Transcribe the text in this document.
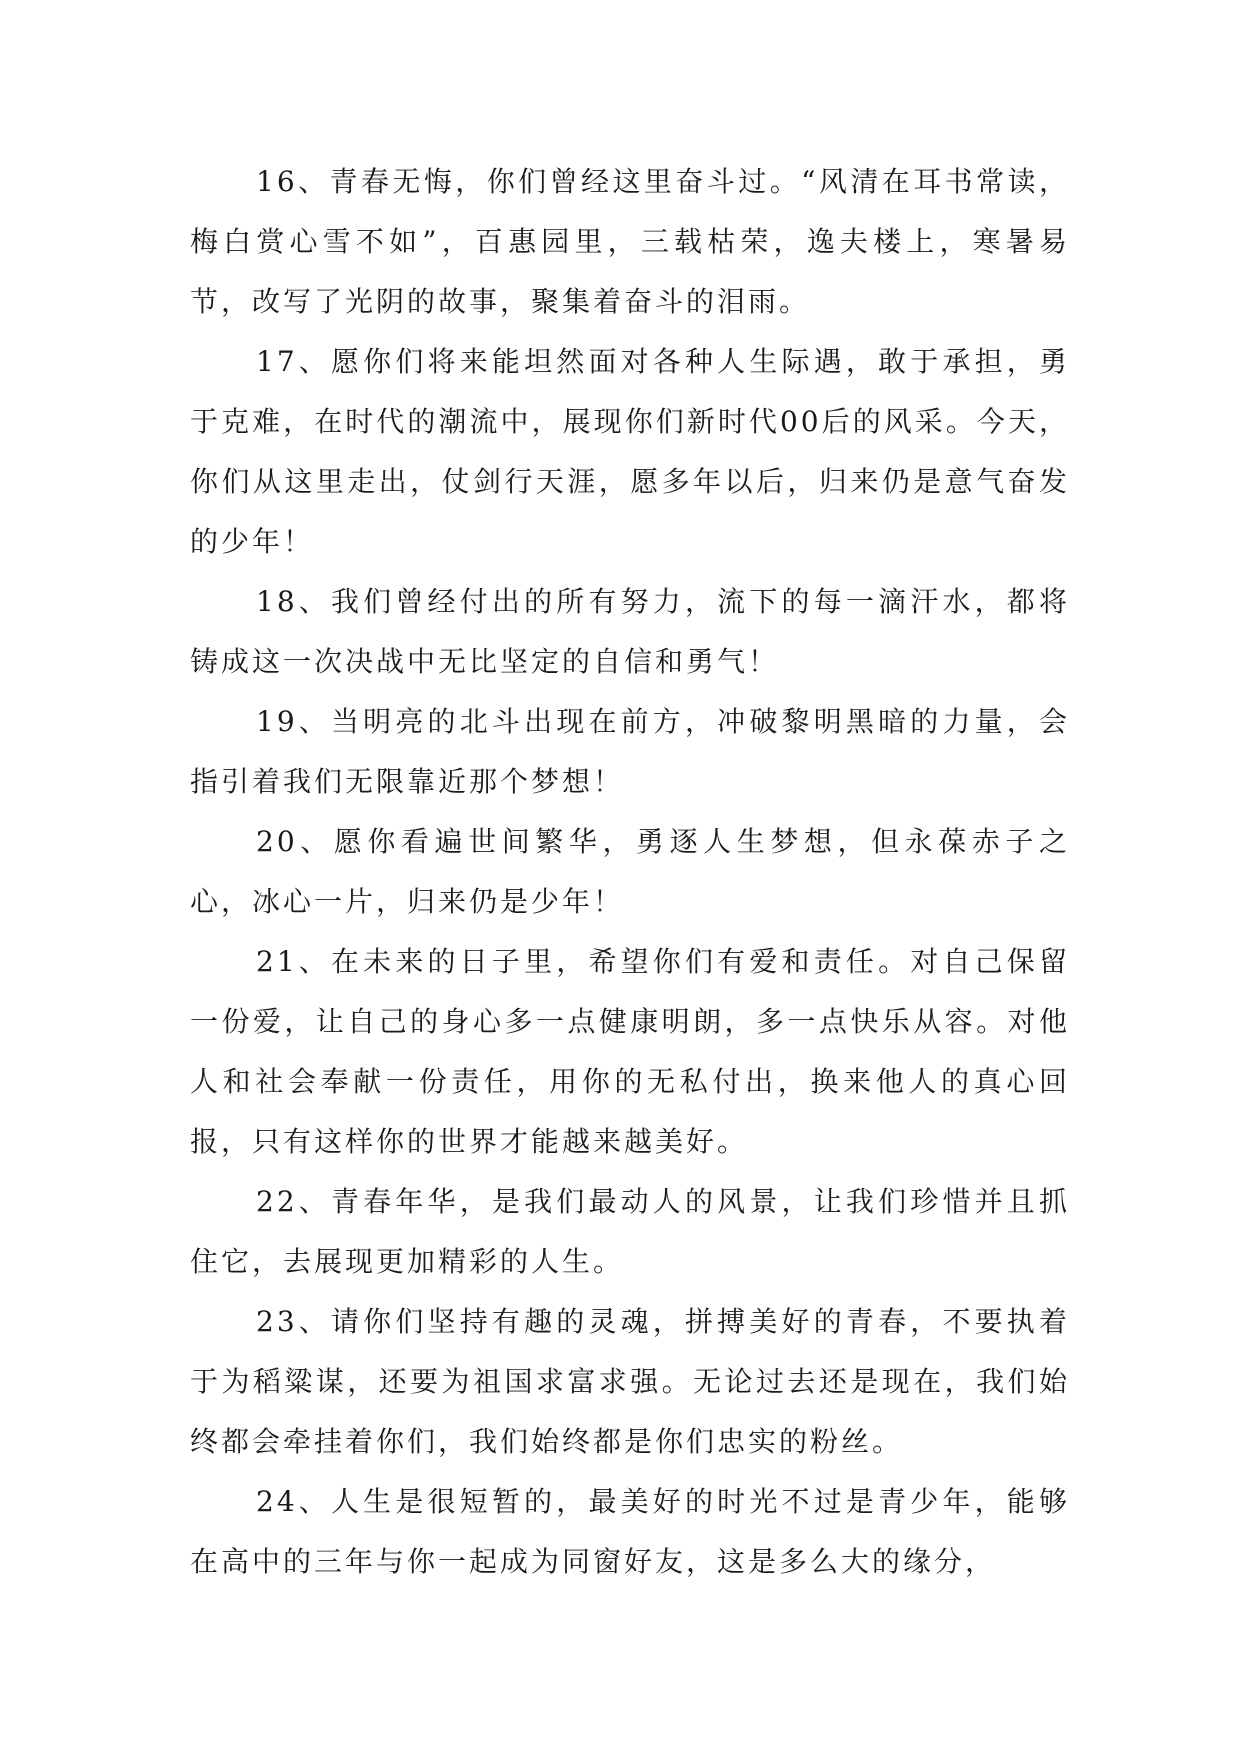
16、青春无悔，你们曾经这里奋斗过。“风清在耳书常读，梅白赏心雪不如”，百惠园里，三载枯荣，逸夫楼上，寒暑易节，改写了光阴的故事，聚集着奋斗的泪雨。

17、愿你们将来能坦然面对各种人生际遇，敢于承担，勇于克难，在时代的潮流中，展现你们新时代00后的风采。今天，你们从这里走出，仗剑行天涯，愿多年以后，归来仍是意气奋发的少年！

18、我们曾经付出的所有努力，流下的每一滴汗水，都将铸成这一次决战中无比坚定的自信和勇气！

19、当明亮的北斗出现在前方，冲破黎明黑暗的力量，会指引着我们无限靠近那个梦想！

20、愿你看遍世间繁华，勇逐人生梦想，但永葆赤子之心，冰心一片，归来仍是少年！

21、在未来的日子里，希望你们有爱和责任。对自己保留一份爱，让自己的身心多一点健康明朗，多一点快乐从容。对他人和社会奉献一份责任，用你的无私付出，换来他人的真心回报，只有这样你的世界才能越来越美好。

22、青春年华，是我们最动人的风景，让我们珍惜并且抓住它，去展现更加精彩的人生。

23、请你们坚持有趣的灵魂，拼搏美好的青春，不要执着于为稻粱谋，还要为祖国求富求强。无论过去还是现在，我们始终都会牵挂着你们，我们始终都是你们忠实的粉丝。

24、人生是很短暂的，最美好的时光不过是青少年，能够在高中的三年与你一起成为同窗好友，这是多么大的缘分，
